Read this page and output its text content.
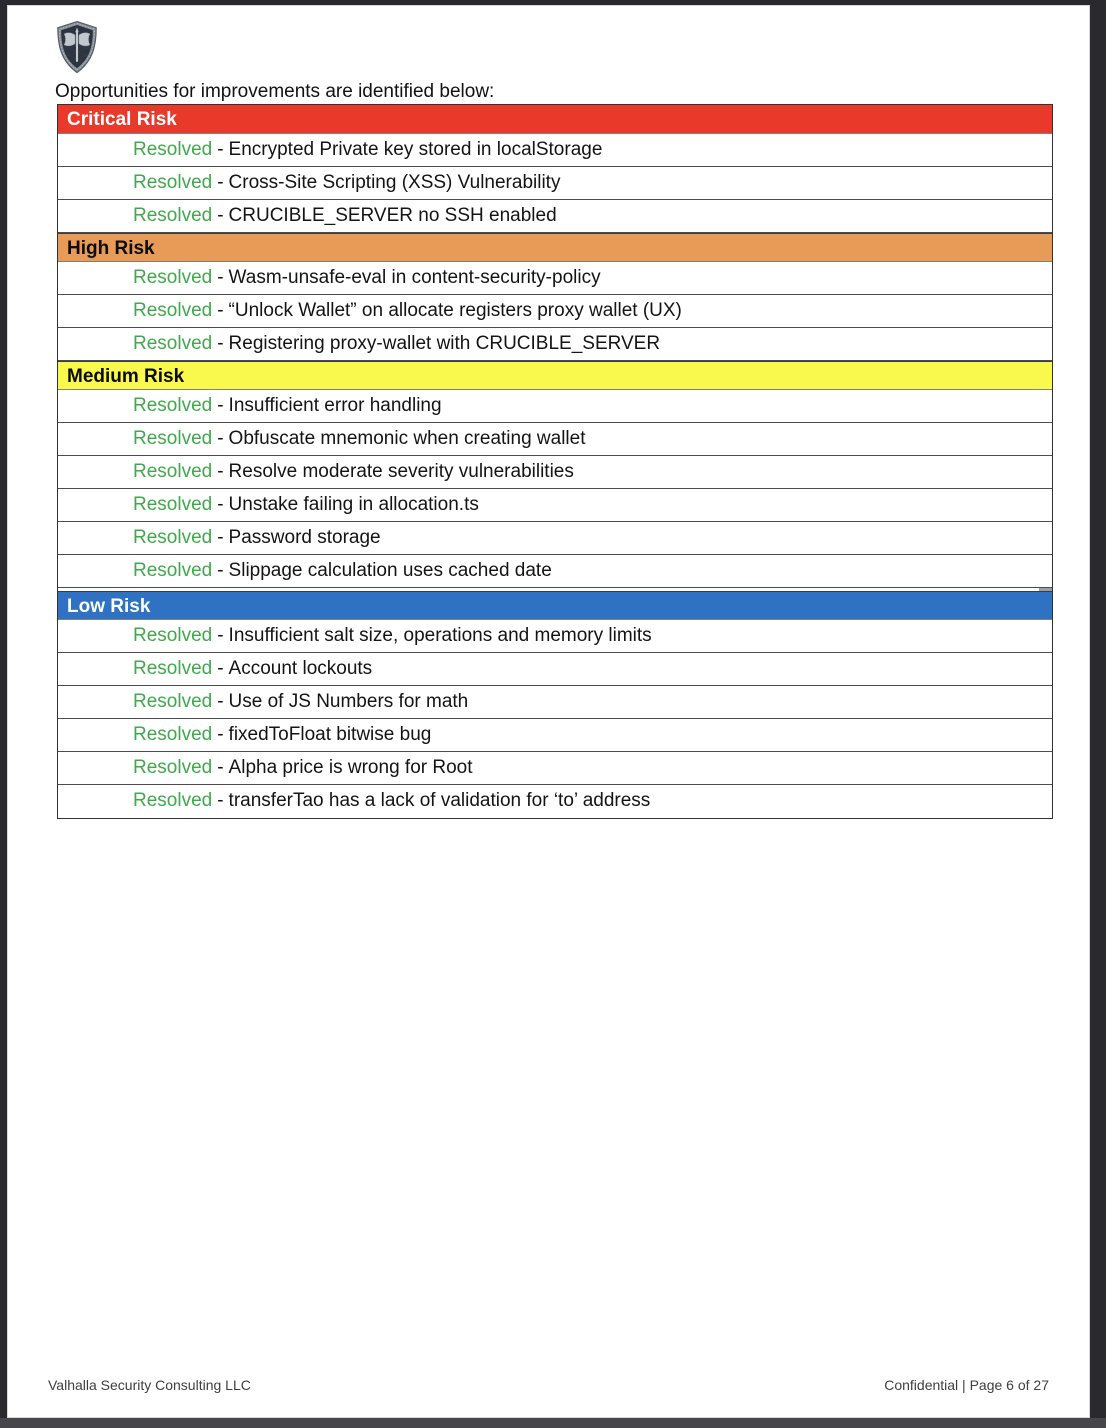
Opportunities for improvements are identified below:
Critical Risk
Resolved - Encrypted Private key stored in localStorage
Resolved - Cross-Site Scripting (XSS) Vulnerability
Resolved - CRUCIBLE_SERVER no SSH enabled
High Risk
Resolved - Wasm-unsafe-eval in content-security-policy
Resolved - “Unlock Wallet” on allocate registers proxy wallet (UX)
Resolved - Registering proxy-wallet with CRUCIBLE_SERVER
Medium Risk
Resolved - Insufficient error handling
Resolved - Obfuscate mnemonic when creating wallet
Resolved - Resolve moderate severity vulnerabilities
Resolved - Unstake failing in allocation.ts
Resolved - Password storage
Resolved - Slippage calculation uses cached date
Low Risk
Resolved - Insufficient salt size, operations and memory limits
Resolved - Account lockouts
Resolved - Use of JS Numbers for math
Resolved - fixedToFloat bitwise bug
Resolved - Alpha price is wrong for Root
Resolved - transferTao has a lack of validation for ‘to’ address
Valhalla Security Consulting LLC	Confidential | Page 6 of 27
